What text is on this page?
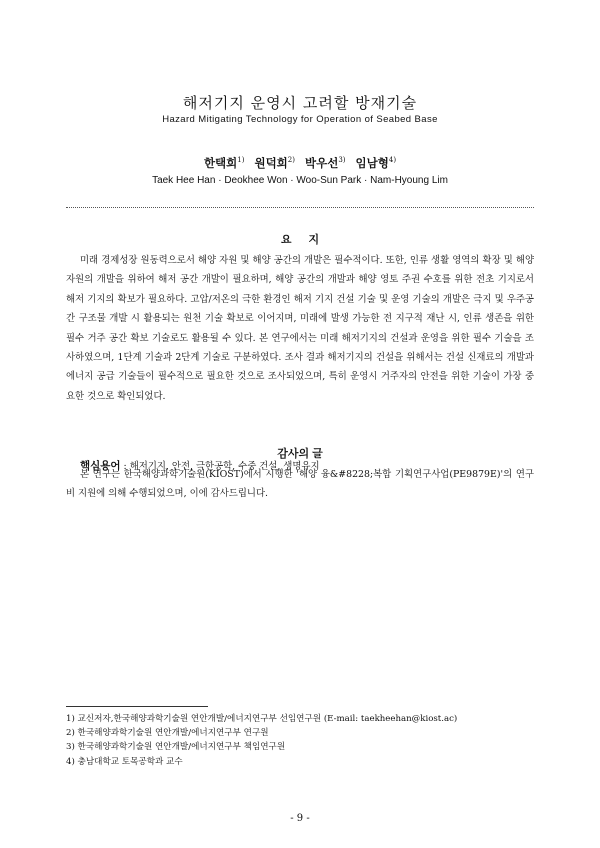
해저기지 운영시 고려할 방재기술
Hazard Mitigating Technology for Operation of Seabed Base
한택희$^{1)}$ 원덕희$^{2)}$ 박우선$^{3)}$ 임남형$^{4)}$
Taek Hee Han · Deokhee Won · Woo-Sun Park · Nam-Hyoung Lim
요 지
미래 경제성장 원동력으로서 해양 자원 및 해양 공간의 개발은 필수적이다. 또한, 인류 생활 영역의 확장 및 해양 자원의 개발을 위하여 해저 공간 개발이 필요하며, 해양 공간의 개발과 해양 영토 주권 수호를 위한 전초 기지로서 해저 기지의 확보가 필요하다. 고압/저온의 극한 환경인 해저 기지 건설 기술 및 운영 기술의 개발은 극지 및 우주공간 구조물 개발 시 활용되는 원천 기술 확보로 이어지며, 미래에 발생 가능한 전 지구적 재난 시, 인류 생존을 위한 필수 거주 공간 확보 기술로도 활용될 수 있다. 본 연구에서는 미래 해저기지의 건설과 운영을 위한 필수 기술을 조사하였으며, 1단계 기술과 2단계 기술로 구분하였다. 조사 결과 해저기지의 건설을 위해서는 건설 신재료의 개발과 에너지 공급 기술들이 필수적으로 필요한 것으로 조사되었으며, 특히 운영시 거주자의 안전을 위한 기술이 가장 중요한 것으로 확인되었다.
핵심용어 : 해저기지, 안전, 극한공학, 수중 건설, 생명유지
감사의 글
본 연구는 한국해양과학기술원(KIOST)에서 시행한 '해양 융&#8228;복합 기획연구사업(PE9879E)'의 연구비 지원에 의해 수행되었으며, 이에 감사드립니다.
1) 교신저자,한국해양과학기술원 연안개발/에너지연구부 선임연구원 (E-mail: taekheehan@kiost.ac)
2) 한국해양과학기술원 연안개발/에너지연구부 연구원
3) 한국해양과학기술원 연안개발/에너지연구부 책임연구원
4) 충남대학교 토목공학과 교수
- 9 -
